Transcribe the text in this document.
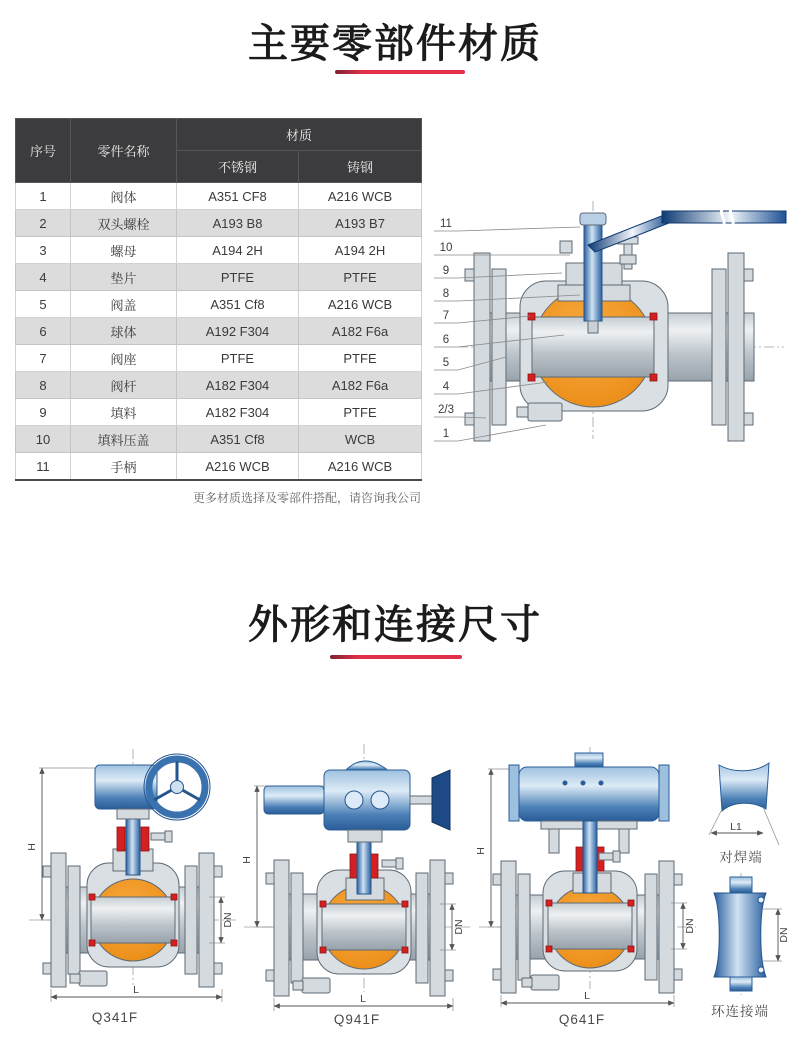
主要零部件材质
序号	零件名称	材质	
		不锈钢	铸钢
1	阀体	A351 CF8	A216 WCB
2	双头螺栓	A193 B8	A193 B7
3	螺母	A194 2H	A194 2H
4	垫片	PTFE	PTFE
5	阀盖	A351 Cf8	A216 WCB
6	球体	A192 F304	A182 F6a
7	阀座	PTFE	PTFE
8	阀杆	A182 F304	A182 F6a
9	填料	A182 F304	PTFE
10	填料压盖	A351 Cf8	WCB
11	手柄	A216 WCB	A216 WCB
更多材质选择及零部件搭配，请咨询我公司
11
10
9
8
7
6
5
4
2/3
1
外形和连接尺寸
H
DN
L
Q341F
H
DN
L
Q941F
H
DN
L
Q641F
L1
对焊端
DN
环连接端
